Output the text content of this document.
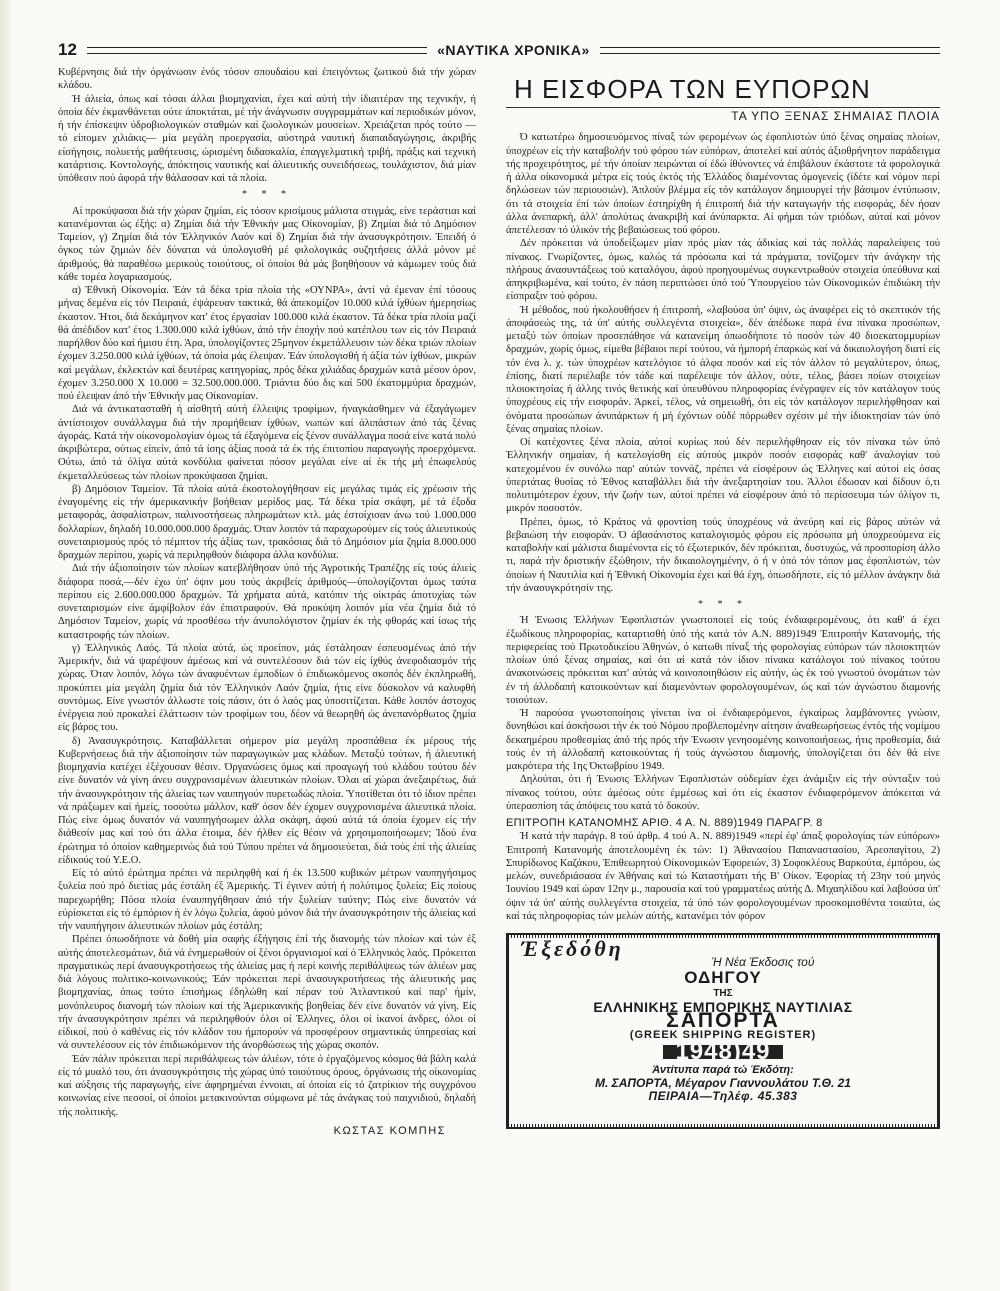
12	«ΝΑΥΤΙΚΑ ΧΡΟΝΙΚΑ»

Κυβέρνησις διά τήν όργάνωσιν ένός τόσον σπουδαίου καί έπειγόντως ζωτικού διά τήν χώραν κλάδου.

Ή άλιεία, όπως καί τόσαι άλλαι βιομηχανίαι, έχει καί αύτή τήν ίδιαιτέραν της τεχνικήν, ή όποία δέν έκμανθάνεται ούτε άποκτάται, μέ τήν άνάγνωσιν συγγραμμάτων καί περιοδικών μόνον, ή τήν έπίσκεψιν ύδροβιολογικών σταθμών καί ζωολογικών μουσείων. Χρειάζεται πρός τούτο —τό είπομεν χιλιάκις— μία μεγάλη προεργασία, αύστηρά ναυτική διαπαιδαγώγησις, άκριβής είσήγησις, πολυετής μαθήτευσις, ώρισμένη διδασκαλία, έπαγγελματική τριβή, πράξις καί τεχνική κατάρτισις. Κοντολογής, άπόκτησις ναυτικής καί άλιευτικής συνειδήσεως, τουλάχιστον, διά μίαν ύπόθεσιν πού άφορά τήν θάλασσαν καί τά πλοία.

* * *

Αί προκύψασαι διά τήν χώραν ζημίαι, είς τόσον κρισίμους μάλιστα στιγμάς, είνε τεράστιαι καί κατανέμονται ώς έξής: α) Ζημίαι διά τήν Έθνικήν μας Οίκονομίαν, β) Ζημίαι διά τό Δημόσιον Ταμείον, γ) Ζημίαι διά τόν Έλληνικόν Λαόν καί δ) Ζημίαι διά τήν άνασυγκρότησιν. Έπειδή ό όγκος τών ζημιών δέν δύναται νά ύπολογισθή μέ φιλολογικάς συζητήσεις άλλά μόνον μέ άριθμούς, θά παραθέσω μερικούς τοιούτους, οί όποίοι θά μάς βοηθήσουν νά κάμωμεν τούς διά κάθε τομέα λογαριασμούς.

α) Έθνική Οίκονομία. Έάν τά δέκα τρία πλοία τής «ΟΥΝΡΑ», άντί νά έμεναν έπί τόσους μήνας δεμένα είς τόν Πειραιά, έψάρευαν τακτικά, θά άπεκομίζον 10.000 κιλά ίχθύων ήμερησίως έκαστον. Ήτοι, διά δεκάμηνον κατ' έτος έργασίαν 100.000 κιλά έκαστον. Τά δέκα τρία πλοία μαζί θά άπέδιδον κατ' έτος 1.300.000 κιλά ίχθύων, άπό τήν έποχήν πού κατέπλου των είς τόν Πειραιά παρήλθον δύο καί ήμισυ έτη. Άρα, ύπολογίζοντες 25μηνον έκμετάλλευσιν τών δέκα τριών πλοίων έχομεν 3.250.000 κιλά ίχθύων, τά όποία μάς έλειψαν. Έάν ύπολογισθή ή άξία τών ίχθύων, μικρών καί μεγάλων, έκλεκτών καί δευτέρας κατηγορίας, πρός δέκα χιλιάδας δραχμών κατά μέσον όρον, έχομεν 3.250.000 Χ 10.000 = 32.500.000.000. Τριάντα δύο δις καί 500 έκατομμύρια δραχμών, πού έλειψαν άπό τήν Έθνικήν μας Οίκονομίαν.

Διά νά άντικατασταθή ή αίσθητή αύτή έλλειψις τροφίμων, ήναγκάσθημεν νά έξαγάγωμεν άντίστοιχον συνάλλαγμα διά τήν προμήθειαν ίχθύων, νωπών καί άλιπάστων άπό τάς ξένας άγοράς. Κατά τήν οίκονομολογίαν όμως τά έξαγόμενα είς ξένον συνάλλαγμα ποσά είνε κατά πολύ άκριβώτερα, ούτως είπείν, άπό τά ίσης άξίας ποσά τά έκ τής έπιτοπίου παραγωγής προερχόμενα. Ούτω, άπό τά όλίγα αύτά κονδύλια φαίνεται πόσον μεγάλαι είνε αί έκ τής μή έπωφελούς έκμεταλλεύσεως τών πλοίων προκύψασαι ζημίαι.

β) Δημόσιον Ταμείον. Τά πλοία αύτά έκοστολογήθησαν είς μεγάλας τιμάς είς χρέωσιν τής έναγομένης είς τήν άμερικανικήν βοήθειαν μερίδος μας. Τά δέκα τρία σκάφη, μέ τά έξοδα μεταφοράς, άσφαλίστρων, παλινοστήσεως πληρωμάτων κτλ. μάς έστοίχισαν άνω τού 1.000.000 δολλαρίων, δηλαδή 10.000.000.000 δραχμάς. Όταν λοιπόν τά παραχωρούμεν είς τούς άλιευτικούς συνεταιρισμούς πρός τό πέμπτον τής άξίας των, τρακόσιας διά τό Δημόσιον μία ζημία 8.000.000 δραχμών περίπου, χωρίς νά περιληφθούν διάφορα άλλα κονδύλια.

Διά τήν άξιοποίησιν τών πλοίων κατεβλήθησαν ύπό τής Άγροτικής Τραπέζης είς τούς άλιείς διάφορα ποσά,—δέν έχω ύπ' όψιν μου τούς άκριβείς άριθμούς—ύπολογίζονται όμως ταύτα περίπου είς 2.600.000.000 δραχμών. Τά χρήματα αύτά, κατόπιν τής οίκτράς άποτυχίας τών συνεταιρισμών είνε άμφίβολον έάν έπιστραφούν. Θά προκύψη λοιπόν μία νέα ζημία διά τό Δημόσιον Ταμείον, χωρίς νά προσθέσω τήν άνυπολόγιστον ζημίαν έκ τής φθοράς καί ίσως τής καταστροφής τών πλοίων.

γ) Έλληνικός Λαός. Τά πλοία αύτά, ώς προείπον, μάς έστάλησαν έσπευσμένως άπό τήν Άμερικήν, διά νά ψαρέψουν άμέσως καί νά συντελέσουν διά τών είς ίχθύς άνεφοδιασμόν τής χώρας. Όταν λοιπόν, λόγω τών άναφυέντων έμποδίων ό έπιδιωκόμενος σκοπός δέν έκπληρωθή, προκύπτει μία μεγάλη ζημία διά τόν Έλληνικόν Λαόν ζημία, ήτις είνε δύσκολον νά καλυφθή συντόμως. Είνε γνωστόν άλλωστε τοίς πάσιν, ότι ό λαός μας ύποσιτίζεται. Κάθε λοιπόν άστοχος ένέργεια πού προκαλεί έλάττωσιν τών τροφίμων του, δέον νά θεωρηθή ώς άνεπανόρθωτος ζημία είς βάρος του.

δ) Άνασυγκρότησις. Καταβάλλεται σήμερον μία μεγάλη προσπάθεια έκ μέρους τής Κυβερνήσεως διά τήν άξιοποίησιν τών παραγωγικών μας κλάδων. Μεταξύ τούτων, ή άλιευτική βιομηχανία κατέχει έξέχουσαν θέσιν. Όργανώσεις όμως καί προαγωγή τού κλάδου τούτου δέν είνε δυνατόν νά γίνη άνευ συγχρονισμένων άλιευτικών πλοίων. Όλαι αί χώραι άνεξαιρέτως, διά τήν άνασυγκρότησιν τής άλιείας των ναυπηγούν πυρετωδώς πλοία. Ύποτίθεται ότι τό ίδιον πρέπει νά πράξωμεν καί ήμείς, τοσούτω μάλλον, καθ' όσον δέν έχομεν συγχρονισμένα άλιευτικά πλοία. Πώς είνε όμως δυνατόν νά ναυπηγήσωμεν άλλα σκάφη, άφού αύτά τά όποία έχομεν είς τήν διάθεσίν μας καί τού ότι άλλα έτοιμα, δέν ήλθεν είς θέσιν νά χρησιμοποιήσωμεν; Ίδού ένα έρώτημα τό όποίον καθημερινώς διά τού Τύπου πρέπει νά δημοσιεύεται, διά τούς έπί τής άλιείας είδικούς τού Υ.Ε.Ο.

Είς τό αύτό έρώτημα πρέπει νά περιληφθή καί ή έκ 13.500 κυβικών μέτρων ναυπηγήσιμος ξυλεία πού πρό διετίας μάς έστάλη έξ Άμερικής. Τί έγινεν αύτή ή πολύτιμος ξυλεία; Είς ποίους παρεχωρήθη; Πόσα πλοία έναυπηγήθησαν άπό τήν ξυλείαν ταύτην; Πώς είνε δυνατόν νά εύρίσκεται είς τό έμπόριον ή έν λόγω ξυλεία, άφού μόνον διά τήν άνασυγκρότησιν τής άλιείας καί τήν ναυπήγησιν άλιευτικών πλοίων μάς έστάλη;

Πρέπει όπωσδήποτε νά δοθή μία σαφής έξήγησις έπί τής διανομής τών πλοίων καί τών έξ αύτής άποτελεσμάτων, διά νά ένημερωθούν οί ξένοι όργανισμοί καί ό Έλληνικός λαός. Πρόκειται πραγματικώς περί άνασυγκροτήσεως τής άλιείας μας ή περί κοινής περιθάλψεως τών άλιέων μας διά λόγους πολιτικο-κοινωνικούς; Έάν πρόκειται περί άνασυγκροτήσεως τής άλιευτικής μας βιομηχανίας, όπως τούτο έπισήμως έδηλώθη καί πέραν τού Άτλαντικού καί παρ' ήμίν, μονόπλευρος διανομή τών πλοίων καί τής Άμερικανικής βοηθείας δέν είνε δυνατόν νά γίνη. Είς τήν άνασυγκρότησιν πρέπει νά περιληφθούν όλοι οί Έλληνες, όλοι οί ίκανοί άνδρες, όλοι οί είδικοί, πού ό καθένας είς τόν κλάδον του ήμπορούν νά προσφέρουν σημαντικάς ύπηρεσίας καί νά συντελέσουν είς τόν έπιδιωκόμενον τής άνορθώσεως τής χώρας σκοπόν.

Έάν πάλιν πρόκειται περί περιθάλψεως τών άλιέων, τότε ό έργαζόμενος κόσμος θά βάλη καλά είς τό μυαλό του, ότι άνασυγκρότησις τής χώρας ύπό τοιούτους όρους, όργάνωσις τής οίκονομίας καί αύξησις τής παραγωγής, είνε άφηρημέναι έννοιαι, αί όποίαι είς τό ζατρίκιον τής συγχρόνου κοινωνίας είνε πεσσοί, οί όποίοι μετακινούνται σύμφωνα μέ τάς άνάγκας τού παιχνιδιού, δηλαδή τής πολιτικής.

ΚΩΣΤΑΣ ΚΟΜΠΗΣ

Η ΕΙΣΦΟΡΑ ΤΩΝ ΕΥΠΟΡΩΝ
ΤΑ ΥΠΟ ΞΕΝΑΣ ΣΗΜΑΙΑΣ ΠΛΟΙΑ

Ό κατωτέρω δημοσιευόμενος πίναξ τών φερομένων ώς έφοπλιστών ύπό ξένας σημαίας πλοίων, ύποχρέων είς τήν καταβολήν τού φόρου τών εύπόρων, άποτελεί καί αύτός άξιοθρήνητον παράδειγμα τής προχειρότητος, μέ τήν όποίαν πειρώνται οί έδώ ίθύνοντες νά έπιβάλουν έκάστοτε τά φορολογικά ή άλλα οίκονομικά μέτρα είς τούς έκτός τής Έλλάδος διαμένοντας όμογενείς (ίδέτε καί νόμον περί δηλώσεων τών περιουσιών). Άπλούν βλέμμα είς τόν κατάλογον δημιουργεί τήν βάσιμον έντύπωσιν, ότι τά στοιχεία έπί τών όποίων έστηρίχθη ή έπιτροπή διά τήν καταγωγήν τής εισφοράς, δέν ήσαν άλλα άνεπαρκή, άλλ' άπολύτως άνακριβή καί άνύπαρκτα. Αί φήμαι τών τριόδων, αύταί καί μόνον άπετέλεσαν τό ύλικόν τής βεβαιώσεως τού φόρου.

Δέν πρόκειται νά ύποδείξωμεν μίαν πρός μίαν τάς άδικίας καί τάς πολλάς παραλείψεις τού πίνακος. Γνωρίζοντες, όμως, καλώς τά πρόσωπα καί τά πράγματα, τονίζομεν τήν άνάγκην τής πλήρους άνασυντάξεως τού καταλόγου, άφού προηγουμένως συγκεντρωθούν στοιχεία ύπεύθυνα καί άπηκριβωμένα, καί τούτο, έν πάση περιπτώσει ύπό τού Ύπουργείου τών Οίκονομικών έπιδιώκη τήν είσπραξιν τού φόρου.

Ή μέθοδος, πού ήκολουθήσεν ή έπιτροπή, «λαβούσα ύπ' όψιν, ώς άναφέρει είς τό σκεπτικόν τής άποφάσεώς της, τά ύπ' αύτής συλλεγέντα στοιχεία», δέν άπέδωκε παρά ένα πίνακα προσώπων, μεταξύ τών όποίων προσεπάθησε νά κατανείμη όπωσδήποτε τό ποσόν τών 40 δισεκατομμυρίων δραχμών, χωρίς όμως, είμεθα βέβαιοι περί τούτου, νά ήμπορή έπαρκώς καί νά δικαιολογήση διατί είς τόν ένα λ. χ. τών ύποχρέων κατελόγισε τό άλφα ποσόν καί είς τόν άλλον τό μεγαλύτερον, όπως, έπίσης, διατί περιέλαβε τόν τάδε καί παρέλειψε τόν άλλον, ούτε, τέλος, βάσει ποίων στοιχείων πλοιοκτησίας ή άλλης τινός θετικής καί ύπευθύνου πληροφορίας ένέγραψεν είς τόν κατάλογον τούς ύποχρέους είς τήν εισφοράν. Άρκεί, τέλος, νά σημειωθή, ότι είς τόν κατάλογον περιελήφθησαν καί όνόματα προσώπων άνυπάρκτων ή μή έχόντων ούδέ πόρρωθεν σχέσιν μέ τήν ίδιοκτησίαν τών ύπό ξένας σημαίας πλοίων.

Οί κατέχοντες ξένα πλοία, αύτοί κυρίως πού δέν περιελήφθησαν είς τόν πίνακα τών ύπό Έλληνικήν σημαίαν, ή κατελογίσθη είς αύτούς μικρόν ποσόν εισφοράς καθ' άναλογίαν τού κατεχομένου έν συνόλω παρ' αύτών τοννάζ, πρέπει νά είσφέρουν ώς Έλληνες καί αύτοί είς όσας ύπερτάτας θυσίας τό Έθνος καταβάλλει διά τήν άνεξαρτησίαν του. Άλλοι έδωσαν καί δίδουν ό,τι πολυτιμότερον έχουν, τήν ζωήν των, αύτοί πρέπει νά είσφέρουν άπό τό περίσσευμα τών όλίγον τι, μικρόν ποσοστόν.

Πρέπει, όμως, τό Κράτος νά φροντίση τούς ύποχρέους νά άνεύρη καί είς βάρος αύτών νά βεβαιώση τήν εισφοράν. Ό άβασάνιστος καταλογισμός φόρου είς πρόσωπα μή ύποχρεούμενα είς καταβολήν καί μάλιστα διαμένοντα είς τό έξωτερικόν, δέν πρόκειται, δυστυχώς, νά προσπορίση άλλο τι, παρά τήν δριστικήν έξώθησιν, τήν δικαιολογημένην, ό ή ν όπό τόν τόπον μας έφοπλιστών, τών όποίων ή Ναυτιλία καί ή Έθνική Οίκονομία έχει καί θά έχη, όπωσδήποτε, είς τό μέλλον άνάγκην διά τήν άνασυγκρότησίν της.

* * *

Ή Ένωσις Έλλήνων Έφοπλιστών γνωστοποιεί είς τούς ένδιαφερομένους, ότι καθ' ά έχει έξωδίκους πληροφορίας, καταρτισθή ύπό τής κατά τόν Α.Ν. 889)1949 Έπιτροπήν Κατανομής, τής περιφερείας τού Πρωτοδικείου Άθηνών, ό κατωθι πίναξ τής φορολογίας εύπόρων τών πλοιοκτητών πλοίων ύπό ξένας σημαίας, καί ότι αί κατά τόν ίδιον πίνακα κατάλογοι τού πίνακος τούτου άνακοινώσεις πρόκειται κατ' αύτάς νά κοινοποιηθώσιν είς αύτήν, ώς έκ τού γνωστού όνομάτων τών έν τή άλλοδαπή κατοικούντων καί διαμενόντων φορολογουμένων, ώς καί τών άγνώστου διαμονής τοιούτων.

Ή παρούσα γνωστοποίησις γίνεται ίνα οί ένδιαφερόμενοι, έγκαίρως λαμβάνοντες γνώσιν, δυνηθώσι καί άσκήσωσι τήν έκ τού Νόμου προβλεπομένην αίτησιν άναθεωρήσεως έντός τής νομίμου δεκαημέρου προθεσμίας άπό τής πρός τήν Ένωσιν γενησομένης κοινοποιήσεως, ήτις προθεσμία, διά τούς έν τή άλλοδαπή κατοικούντας ή τούς άγνώστου διαμονής, ύπολογίζεται ότι δέν θά είνε μακρότερα τής 1ης Όκτωβρίου 1949.

Δηλούται, ότι ή Ένωσις Έλλήνων Έφοπλιστών ούδεμίαν έχει άνάμιξιν είς τήν σύνταξιν τού πίνακος τούτου, ούτε άμέσως ούτε έμμέσως καί ότι είς έκαστον ένδιαφερόμενον άπόκειται νά ύπερασπίση τάς άπόψεις του κατά τό δοκούν.

ΕΠΙΤΡΟΠΗ ΚΑΤΑΝΟΜΗΣ ΑΡΙΘ. 4 Α. Ν. 889)1949 ΠΑΡΑΓΡ. 8

Ή κατά τήν παράγρ. 8 τού άρθρ. 4 τού Α. Ν. 889)1949 «περί έφ' άπαξ φορολογίας τών εύπόρων» Έπιτροπή Κατανομής άποτελουμένη έκ τών: 1) Άθανασίου Παπαναστασίου, Άρεοπαγίτου, 2) Σπυρίδωνος Καζάκου, Έπιθεωρητού Οίκονομικών Έφορειών, 3) Σοφοκλέους Βαρκούτα, έμπόρου, ώς μελών, συνεδριάσασα έν Άθήναις καί τώ Καταστήματι τής Β' Οίκον. Έφορίας τή 23ην τού μηνός Ίουνίου 1949 καί ώραν 12ην μ., παρουσία καί τού γραμματέως αύτής Δ. Μιχαηλίδου καί λαβούσα ύπ' όψιν τά ύπ' αύτής συλλεγέντα στοιχεία, τά ύπό τών φορολογουμένων προσκομισθέντα τοιαύτα, ώς καί τάς πληροφορίας τών μελών αύτής, κατανέμει τόν φόρον

Έξεδόθη
Ή Νέα Έκδοσις τού
ΟΔΗΓΟΥ
ΤΗΣ
ΕΛΛΗΝΙΚΗΣ ΕΜΠΟΡΙΚΗΣ ΝΑΥΤΙΛΙΑΣ
ΣΑΠΟΡΤΑ
(GREEK SHIPPING REGISTER)
1948)49
Άντίτυπα παρά τώ Έκδότη:
Μ. ΣΑΠΟΡΤΑ, Μέγαρον Γιαννουλάτου Τ.Θ. 21
ΠΕΙΡΑΙΑ—Τηλέφ. 45.383
